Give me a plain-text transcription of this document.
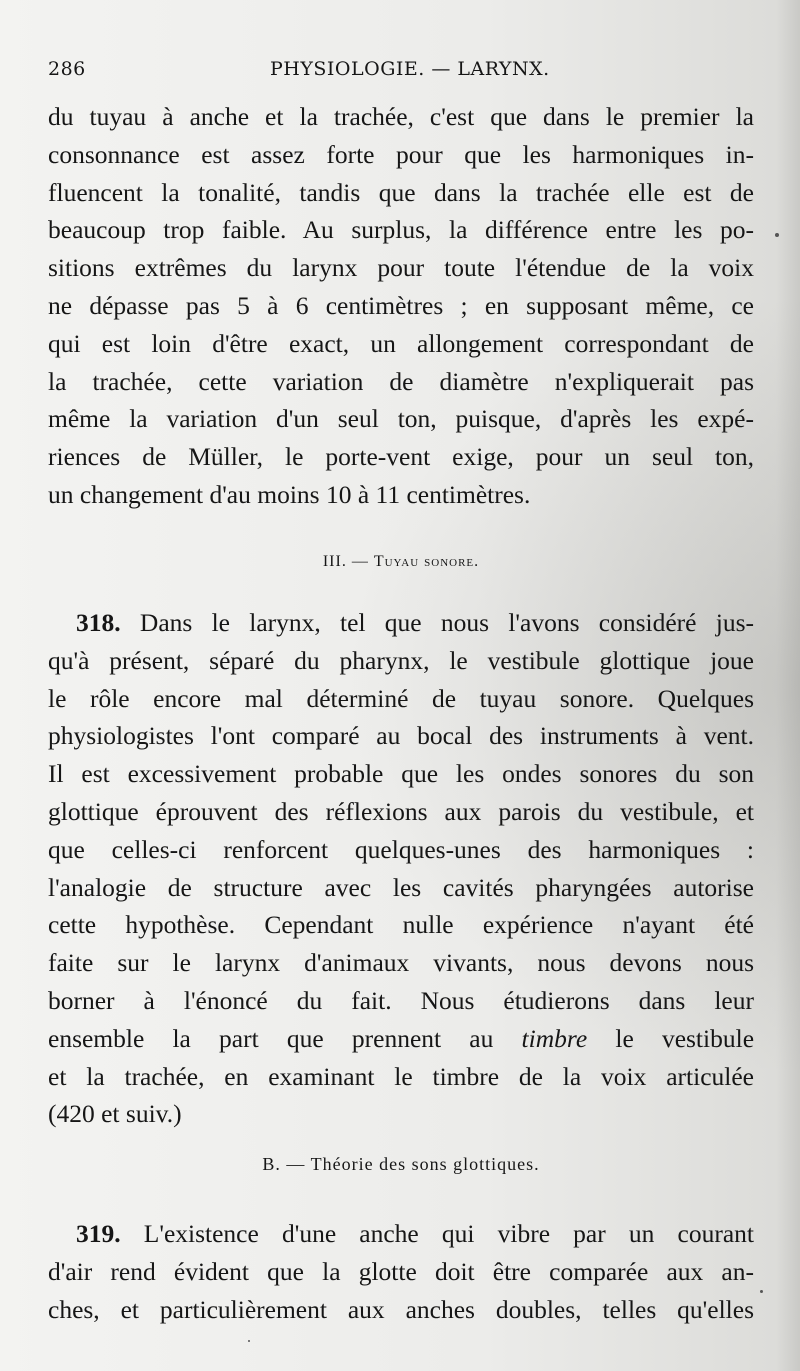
286	PHYSIOLOGIE. — LARYNX.
du tuyau à anche et la trachée, c'est que dans le premier la
consonnance est assez forte pour que les harmoniques in-
fluencent la tonalité, tandis que dans la trachée elle est de
beaucoup trop faible. Au surplus, la différence entre les po-
sitions extrêmes du larynx pour toute l'étendue de la voix
ne dépasse pas 5 à 6 centimètres ; en supposant même, ce
qui est loin d'être exact, un allongement correspondant de
la trachée, cette variation de diamètre n'expliquerait pas
même la variation d'un seul ton, puisque, d'après les expé-
riences de Müller, le porte-vent exige, pour un seul ton,
un changement d'au moins 10 à 11 centimètres.
III. — Tuyau sonore.
318. Dans le larynx, tel que nous l'avons considéré jus-
qu'à présent, séparé du pharynx, le vestibule glottique joue
le rôle encore mal déterminé de tuyau sonore. Quelques
physiologistes l'ont comparé au bocal des instruments à vent.
Il est excessivement probable que les ondes sonores du son
glottique éprouvent des réflexions aux parois du vestibule, et
que celles-ci renforcent quelques-unes des harmoniques :
l'analogie de structure avec les cavités pharyngées autorise
cette hypothèse. Cependant nulle expérience n'ayant été
faite sur le larynx d'animaux vivants, nous devons nous
borner à l'énoncé du fait. Nous étudierons dans leur
ensemble la part que prennent au timbre le vestibule
et la trachée, en examinant le timbre de la voix articulée
(420 et suiv.)
B. — Théorie des sons glottiques.
319. L'existence d'une anche qui vibre par un courant
d'air rend évident que la glotte doit être comparée aux an-
ches, et particulièrement aux anches doubles, telles qu'elles
